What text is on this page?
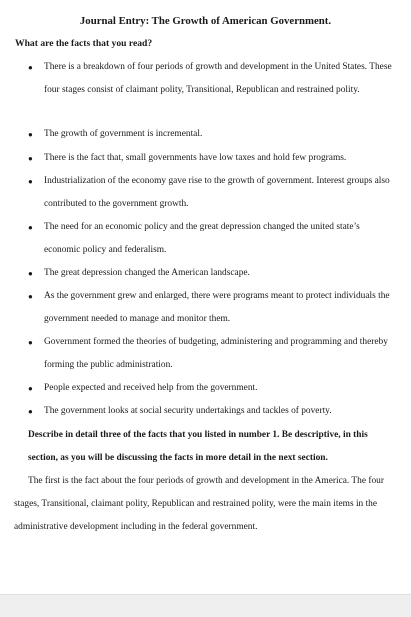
Journal Entry: The Growth of American Government.
What are the facts that you read?
●	There is a breakdown of four periods of growth and development in the United States. These four stages consist of claimant polity, Transitional, Republican and restrained polity.
●	The growth of government is incremental.
●	There is the fact that, small governments have low taxes and hold few programs.
●	Industrialization of the economy gave rise to the growth of government. Interest groups also contributed to the government growth.
●	The need for an economic policy and the great depression changed the united state’s economic policy and federalism.
●	The great depression changed the American landscape.
●	As the government grew and enlarged, there were programs meant to protect individuals the government needed to manage and monitor them.
●	Government formed the theories of budgeting, administering and programming and thereby forming the public administration.
●	People expected and received help from the government.
●	The government looks at social security undertakings and tackles of poverty.
Describe in detail three of the facts that you listed in number 1. Be descriptive, in this section, as you will be discussing the facts in more detail in the next section.
The first is the fact about the four periods of growth and development in the America. The four stages, Transitional, claimant polity, Republican and restrained polity, were the main items in the administrative development including in the federal government.
